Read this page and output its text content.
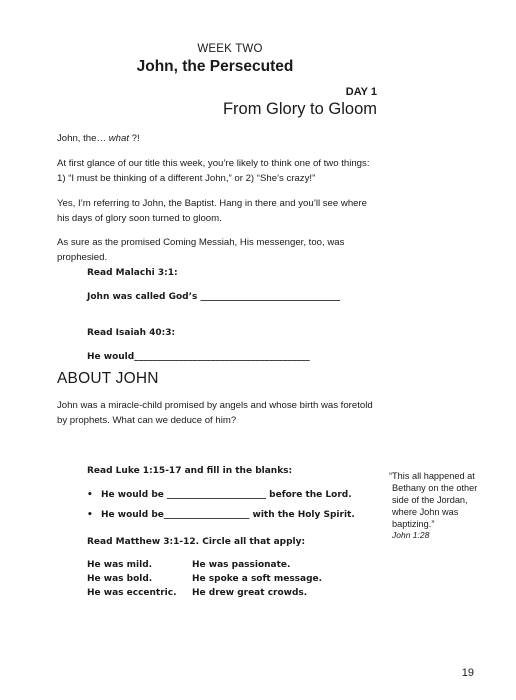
WEEK TWO
John, the Persecuted
DAY 1
From Glory to Gloom
John, the… what ?!
At first glance of our title this week, you’re likely to think one of two things:
1) “I must be thinking of a different John,” or 2) “She’s crazy!”
Yes, I’m referring to John, the Baptist. Hang in there and you’ll see where
his days of glory soon turned to gloom.
As sure as the promised Coming Messiah, His messenger, too, was
prophesied.
Read Malachi 3:1:
John was called God’s _______________________________
Read Isaiah 40:3:
He would_______________________________________
ABOUT JOHN
John was a miracle-child promised by angels and whose birth was foretold
by prophets. What can we deduce of him?
Read Luke 1:15-17 and fill in the blanks:
• He would be ______________________ before the Lord.
• He would be___________________ with the Holy Spirit.
Read Matthew 3:1-12. Circle all that apply:
He was mild.
He was bold.
He was eccentric.
He was passionate.
He spoke a soft message.
He drew great crowds.
“This all happened at
Bethany on the other
side of the Jordan,
where John was
baptizing.”
John 1:28
19
